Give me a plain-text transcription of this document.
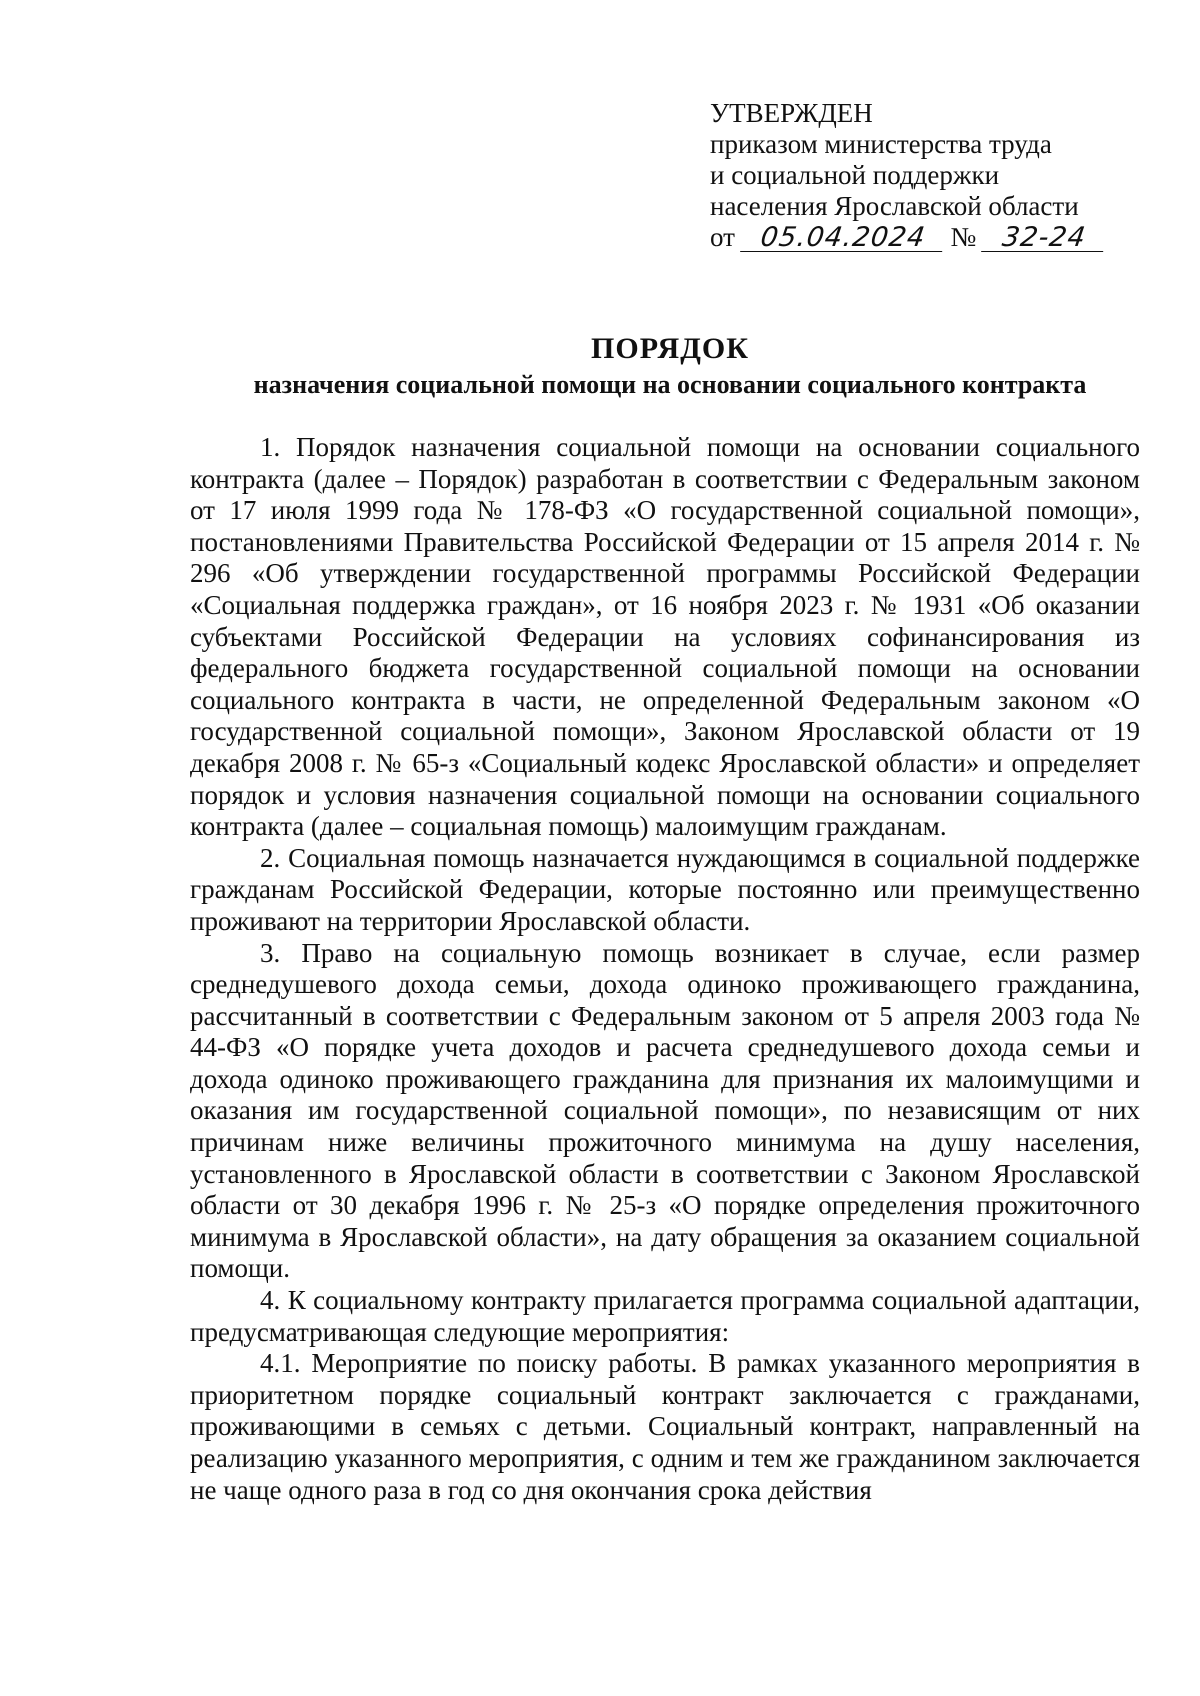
УТВЕРЖДЕН
приказом министерства труда
и социальной поддержки
населения Ярославской области
от 05.04.2024 № 32-24
ПОРЯДОК
назначения социальной помощи на основании социального контракта

1. Порядок назначения социальной помощи на основании социального контракта (далее – Порядок) разработан в соответствии с Федеральным законом от 17 июля 1999 года № 178-ФЗ «О государственной социальной помощи», постановлениями Правительства Российской Федерации от 15 апреля 2014 г. № 296 «Об утверждении государственной программы Российской Федерации «Социальная поддержка граждан», от 16 ноября 2023 г. № 1931 «Об оказании субъектами Российской Федерации на условиях софинансирования из федерального бюджета государственной социальной помощи на основании социального контракта в части, не определенной Федеральным законом «О государственной социальной помощи», Законом Ярославской области от 19 декабря 2008 г. № 65-з «Социальный кодекс Ярославской области» и определяет порядок и условия назначения социальной помощи на основании социального контракта (далее – социальная помощь) малоимущим гражданам.

2. Социальная помощь назначается нуждающимся в социальной поддержке гражданам Российской Федерации, которые постоянно или преимущественно проживают на территории Ярославской области.

3. Право на социальную помощь возникает в случае, если размер среднедушевого дохода семьи, дохода одиноко проживающего гражданина, рассчитанный в соответствии с Федеральным законом от 5 апреля 2003 года № 44-ФЗ «О порядке учета доходов и расчета среднедушевого дохода семьи и дохода одиноко проживающего гражданина для признания их малоимущими и оказания им государственной социальной помощи», по независящим от них причинам ниже величины прожиточного минимума на душу населения, установленного в Ярославской области в соответствии с Законом Ярославской области от 30 декабря 1996 г. № 25-з «О порядке определения прожиточного минимума в Ярославской области», на дату обращения за оказанием социальной помощи.

4. К социальному контракту прилагается программа социальной адаптации, предусматривающая следующие мероприятия:

4.1. Мероприятие по поиску работы. В рамках указанного мероприятия в приоритетном порядке социальный контракт заключается с гражданами, проживающими в семьях с детьми. Социальный контракт, направленный на реализацию указанного мероприятия, с одним и тем же гражданином заключается не чаще одного раза в год со дня окончания срока действия
